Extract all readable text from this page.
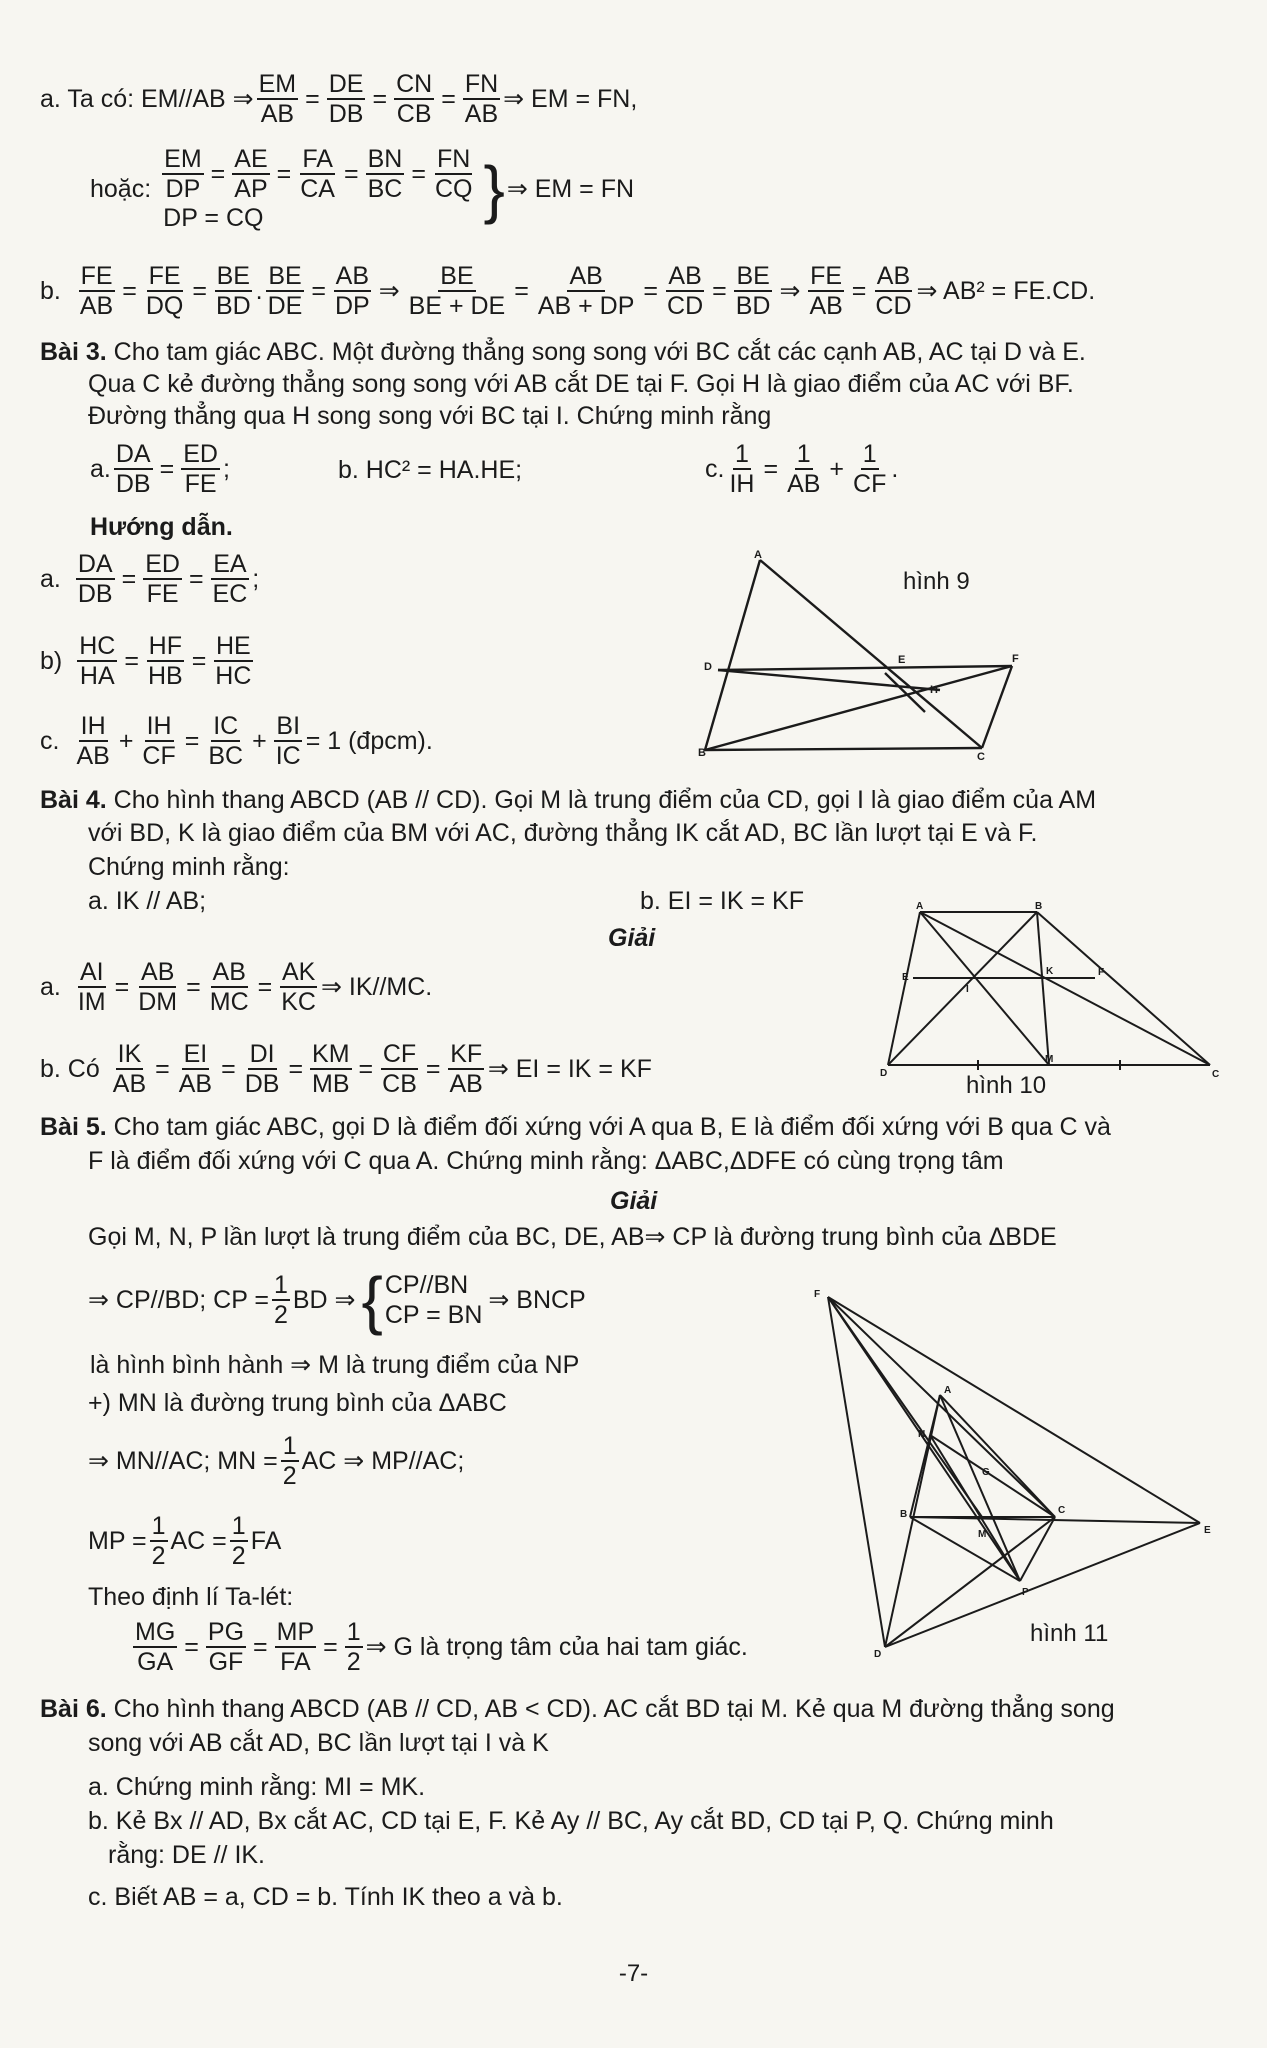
a. Ta có: EM//AB ⇒ $\frac{EM}{AB} = \frac{DE}{DB} = \frac{CN}{CB} = \frac{FN}{AB}$ ⇒ EM = FN,
hoặc: $\frac{EM}{DP} = \frac{AE}{AP} = \frac{FA}{CA} = \frac{BN}{BC} = \frac{FN}{CQ}$
DP = CQ	} ⇒ EM = FN
b. $\frac{FE}{AB} = \frac{FE}{DQ} = \frac{BE}{BD}$ . $\frac{BE}{DE} = \frac{AB}{DP}$ ⇒ $\frac{BE}{BE + DE} = \frac{AB}{AB + DP} = \frac{AB}{CD} = \frac{BE}{BD}$ ⇒ $\frac{FE}{AB} = \frac{AB}{CD}$ ⇒ AB² = FE.CD.
Bài 3. Cho tam giác ABC. Một đường thẳng song song với BC cắt các cạnh AB, AC tại D và E.
Qua C kẻ đường thẳng song song với AB cắt DE tại F. Gọi H là giao điểm của AC với BF.
Đường thẳng qua H song song với BC tại I. Chứng minh rằng
a. $\frac{DA}{DB} = \frac{ED}{FE}$ ;	b. HC² = HA.HE;	c. $\frac{1}{IH} = \frac{1}{AB} + \frac{1}{CF}$ .
Hướng dẫn.
a. $\frac{DA}{DB} = \frac{ED}{FE} = \frac{EA}{EC}$ ;
$b) \frac{HC}{HA} = \frac{HF}{HB} = \frac{HE}{HC}$
c. $\frac{IH}{AB} + \frac{IH}{CF} = \frac{IC}{BC} + \frac{BI}{IC} = 1$ (đpcm).
A
D
E	F
H
B	C
hình 9
Bài 4. Cho hình thang ABCD (AB // CD). Gọi M là trung điểm của CD, gọi I là giao điểm của AM
với BD, K là giao điểm của BM với AC, đường thẳng IK cắt AD, BC lần lượt tại E và F.
Chứng minh rằng:
a. IK // AB;	b. EI = IK = KF
Giải
a. $\frac{AI}{IM} = \frac{AB}{DM} = \frac{AB}{MC} = \frac{AK}{KC}$ ⇒ IK//MC.
b. Có $\frac{IK}{AB} = \frac{EI}{AB} = \frac{DI}{DB} = \frac{KM}{MB} = \frac{CF}{CB} = \frac{KF}{AB}$ ⇒ EI = IK = KF
A	B
E
I
K	F
D
M
C
hình 10
Bài 5. Cho tam giác ABC, gọi D là điểm đối xứng với A qua B, E là điểm đối xứng với B qua C và
F là điểm đối xứng với C qua A. Chứng minh rằng: ΔABC,ΔDFE có cùng trọng tâm
Giải
Gọi M, N, P lần lượt là trung điểm của BC, DE, AB⇒ CP là đường trung bình của ΔBDE
⇒ CP//BD; CP = $\frac{1}{2}$ BD ⇒ { CP//BN
CP = BN
⇒ BNCP
là hình bình hành ⇒ M là trung điểm của NP
+) MN là đường trung bình của ΔABC
⇒ MN//AC; MN = $\frac{1}{2}$ AC ⇒ MP//AC;
MP = $\frac{1}{2}$ AC = $\frac{1}{2}$ FA
Theo định lí Ta-lét:
$\frac{MG}{GA} = \frac{PG}{GF} = \frac{MP}{FA} = \frac{1}{2}$ ⇒ G là trọng tâm của hai tam giác.
F
A
N
G
B
M
C
E
P
D
hình 11
Bài 6. Cho hình thang ABCD (AB // CD, AB < CD). AC cắt BD tại M. Kẻ qua M đường thẳng song
song với AB cắt AD, BC lần lượt tại I và K
a. Chứng minh rằng: MI = MK.
b. Kẻ Bx // AD, Bx cắt AC, CD tại E, F. Kẻ Ay // BC, Ay cắt BD, CD tại P, Q. Chứng minh
rằng: DE // IK.
c. Biết AB = a, CD = b. Tính IK theo a và b.
-7-
